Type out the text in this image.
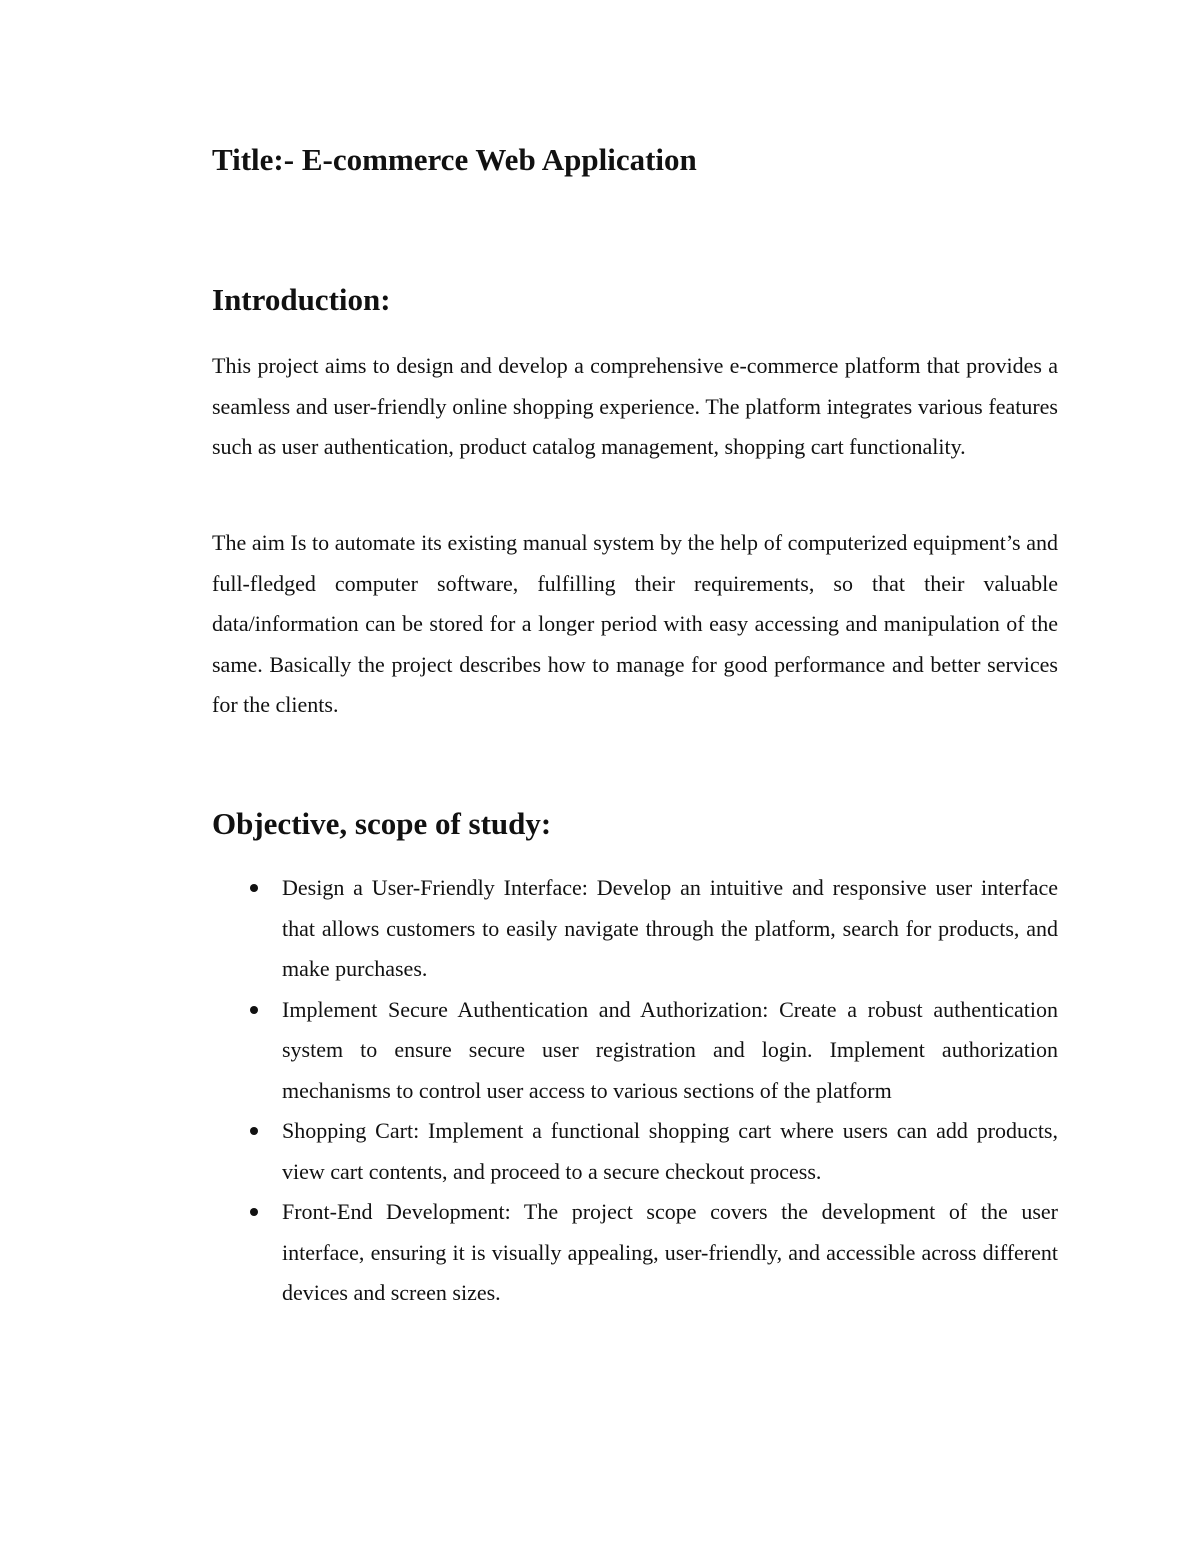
Title:- E-commerce Web Application
Introduction:

This project aims to design and develop a comprehensive e-commerce platform that provides a seamless and user-friendly online shopping experience. The platform integrates various features such as user authentication, product catalog management, shopping cart functionality.

The aim Is to automate its existing manual system by the help of computerized equipment’s and full-fledged computer software, fulfilling their requirements, so that their valuable data/information can be stored for a longer period with easy accessing and manipulation of the same. Basically the project describes how to manage for good performance and better services for the clients.

Objective, scope of study:
Design a User-Friendly Interface: Develop an intuitive and responsive user interface that allows customers to easily navigate through the platform, search for products, and make purchases.
Implement Secure Authentication and Authorization: Create a robust authentication system to ensure secure user registration and login. Implement authorization mechanisms to control user access to various sections of the platform
Shopping Cart: Implement a functional shopping cart where users can add products, view cart contents, and proceed to a secure checkout process.
Front-End Development: The project scope covers the development of the user interface, ensuring it is visually appealing, user-friendly, and accessible across different devices and screen sizes.
